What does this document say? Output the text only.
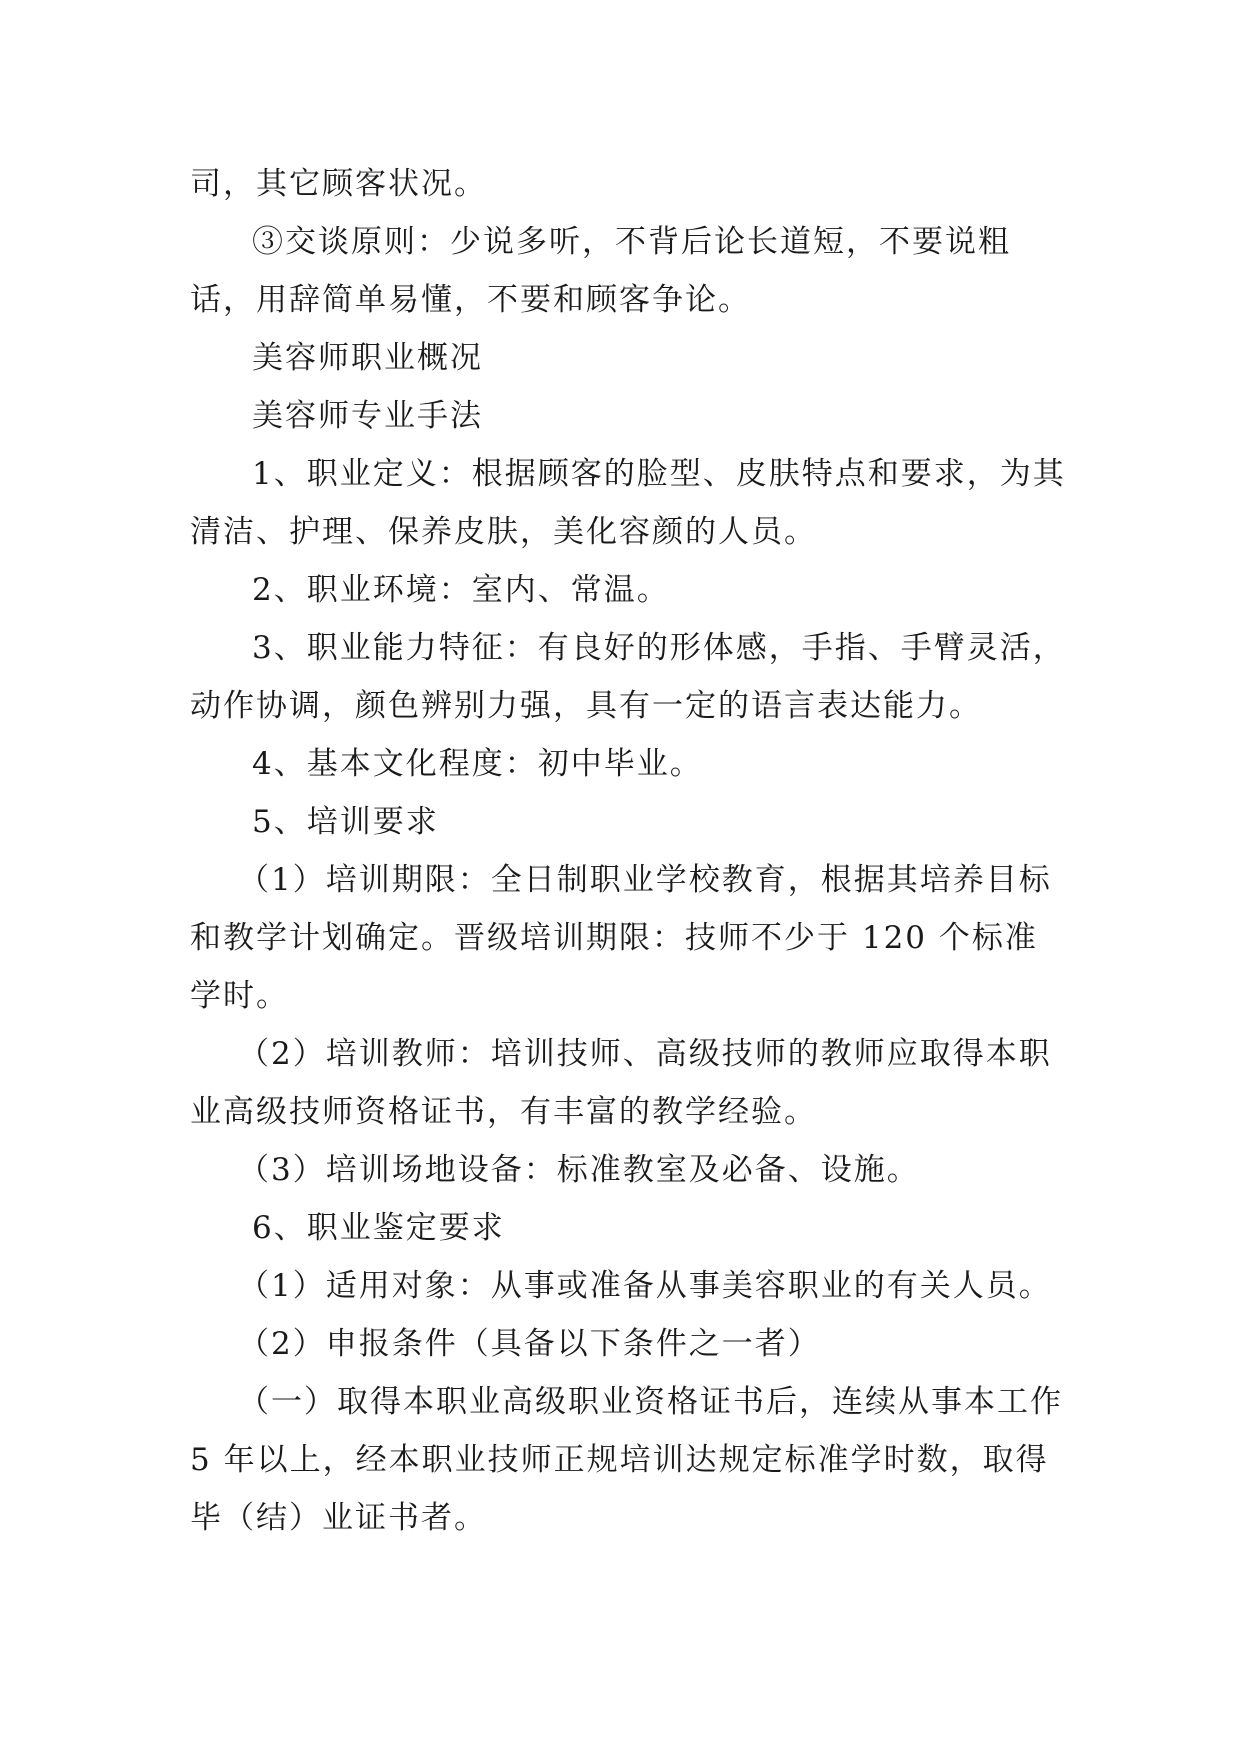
司，其它顾客状况。

③交谈原则：少说多听，不背后论长道短，不要说粗话，用辞简单易懂，不要和顾客争论。

美容师职业概况

美容师专业手法

1、职业定义：根据顾客的脸型、皮肤特点和要求，为其清洁、护理、保养皮肤，美化容颜的人员。

2、职业环境：室内、常温。

3、职业能力特征：有良好的形体感，手指、手臂灵活，动作协调，颜色辨别力强，具有一定的语言表达能力。

4、基本文化程度：初中毕业。

5、培训要求

（1）培训期限：全日制职业学校教育，根据其培养目标和教学计划确定。晋级培训期限：技师不少于 120 个标准学时。

（2）培训教师：培训技师、高级技师的教师应取得本职业高级技师资格证书，有丰富的教学经验。

（3）培训场地设备：标准教室及必备、设施。

6、职业鉴定要求

（1）适用对象：从事或准备从事美容职业的有关人员。

（2）申报条件（具备以下条件之一者）

（一）取得本职业高级职业资格证书后，连续从事本工作 5 年以上，经本职业技师正规培训达规定标准学时数，取得毕（结）业证书者。
